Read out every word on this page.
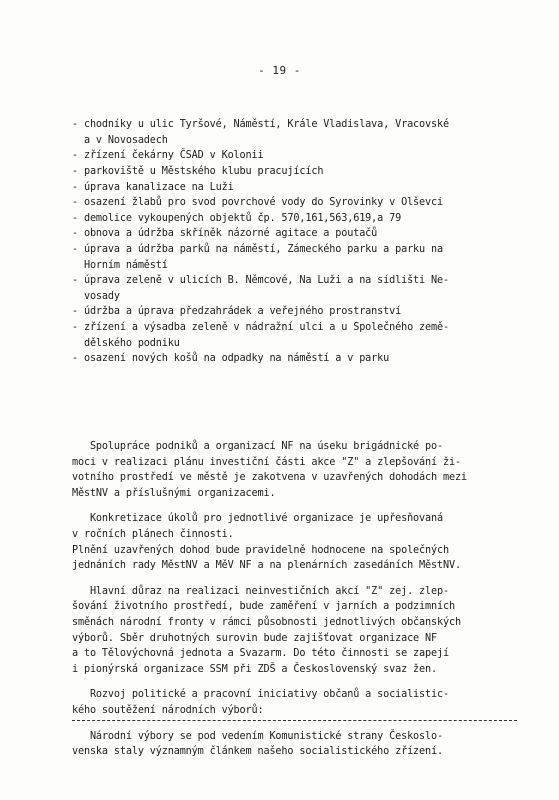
- 19 -

- chodníky u ulic Tyršové, Náměstí, Krále Vladislava, Vracovské
a v Novosadech
- zřízení čekárny ČSAD v Kolonii
- parkoviště u Městského klubu pracujících
- úprava kanalizace na Luži
- osazení žlabů pro svod povrchové vody do Syrovinky v Olševci
- demolice vykoupených objektů čp. 570,161,563,619,a 79
- obnova a údržba skříněk názorné agitace a poutačů
- úprava a údržba parků na náměstí, Zámeckého parku a parku na
Horním náměstí
- úprava zeleně v ulicích B. Němcové, Na Luži a na sídlišti Ne-
vosady
- údržba a úprava předzahrádek a veřejného prostranství
- zřízení a výsadba zeleně v nádražní ulci a u Společného země-
dělského podniku
- osazení nových košů na odpadky na náměstí a v parku

Spolupráce podniků a organizací NF na úseku brigádnické po-
moci v realizaci plánu investiční části akce "Z" a zlepšování ži-
votního prostředí ve městě je zakotvena v uzavřených dohodách mezi
MěstNV a příslušnými organizacemi.
Konkretizace úkolů pro jednotlivé organizace je upřesňovaná
v ročních plánech činnosti.
Plnění uzavřených dohod bude pravidelně hodnocene na společných
jednáních rady MěstNV a MěV NF a na plenárních zasedáních MěstNV.
Hlavní důraz na realizaci neinvestičních akcí "Z" zej. zlep-
šování životního prostředí, bude zaměření v jarních a podzimních
směnách národní fronty v rámci působnosti jednotlivých občanských
výborů. Sběr druhotných surovin bude zajišťovat organizace NF
a to Tělovýchovná jednota a Svazarm. Do této činnosti se zapejí
i pionýrská organizace SSM při ZDŠ a Československý svaz žen.
Rozvoj politické a pracovní iniciativy občanů a socialistic-
kého soutěžení národních výborů:
Národní výbory se pod vedením Komunistické strany Českoslo-
venska staly významným článkem našeho socialistického zřízení.
